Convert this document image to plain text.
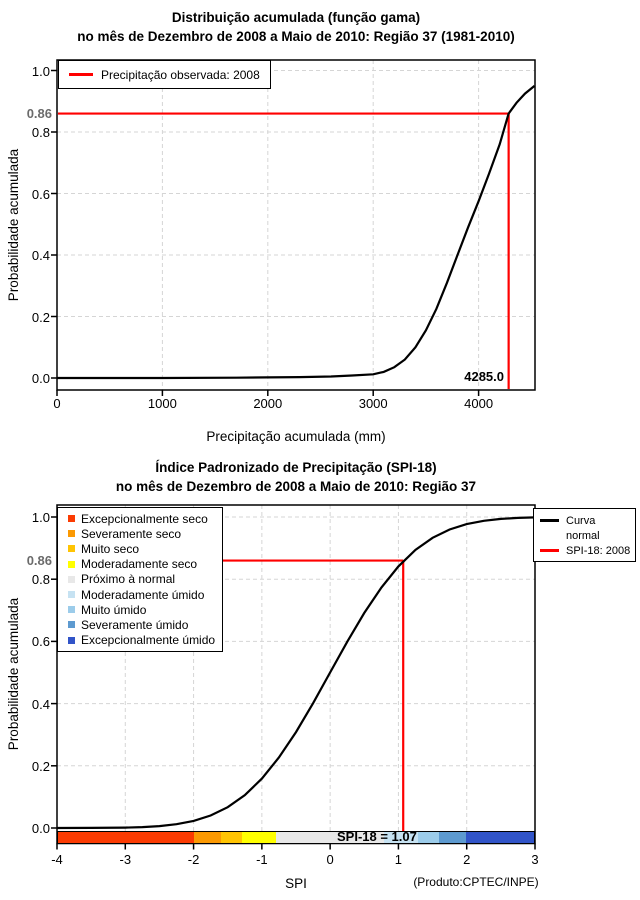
Distribuição acumulada (função gama)
no mês de Dezembro de 2008 a Maio de 2010: Região 37 (1981-2010)
Probabilidade acumulada
Precipitação acumulada (mm)
Precipitação observada: 2008
0.86
4285.0
Índice Padronizado de Precipitação (SPI-18)
no mês de Dezembro de 2008 a Maio de 2010: Região 37
Probabilidade acumulada
SPI	(Produto:CPTEC/INPE)
0.86
SPI-18 = 1.07
Excepcionalmente seco
Severamente seco
Muito seco
Moderadamente seco
Próximo à normal
Moderadamente úmido
Muito úmido
Severamente úmido
Excepcionalmente úmido
Curva
normal
SPI-18: 2008
0	1000	2000	3000	4000
1.0
0.8
0.6
0.4
0.2
0.0
-4	-3	-2	-1	0	1	2	3
1.0
0.8
0.6
0.4
0.2
0.0
